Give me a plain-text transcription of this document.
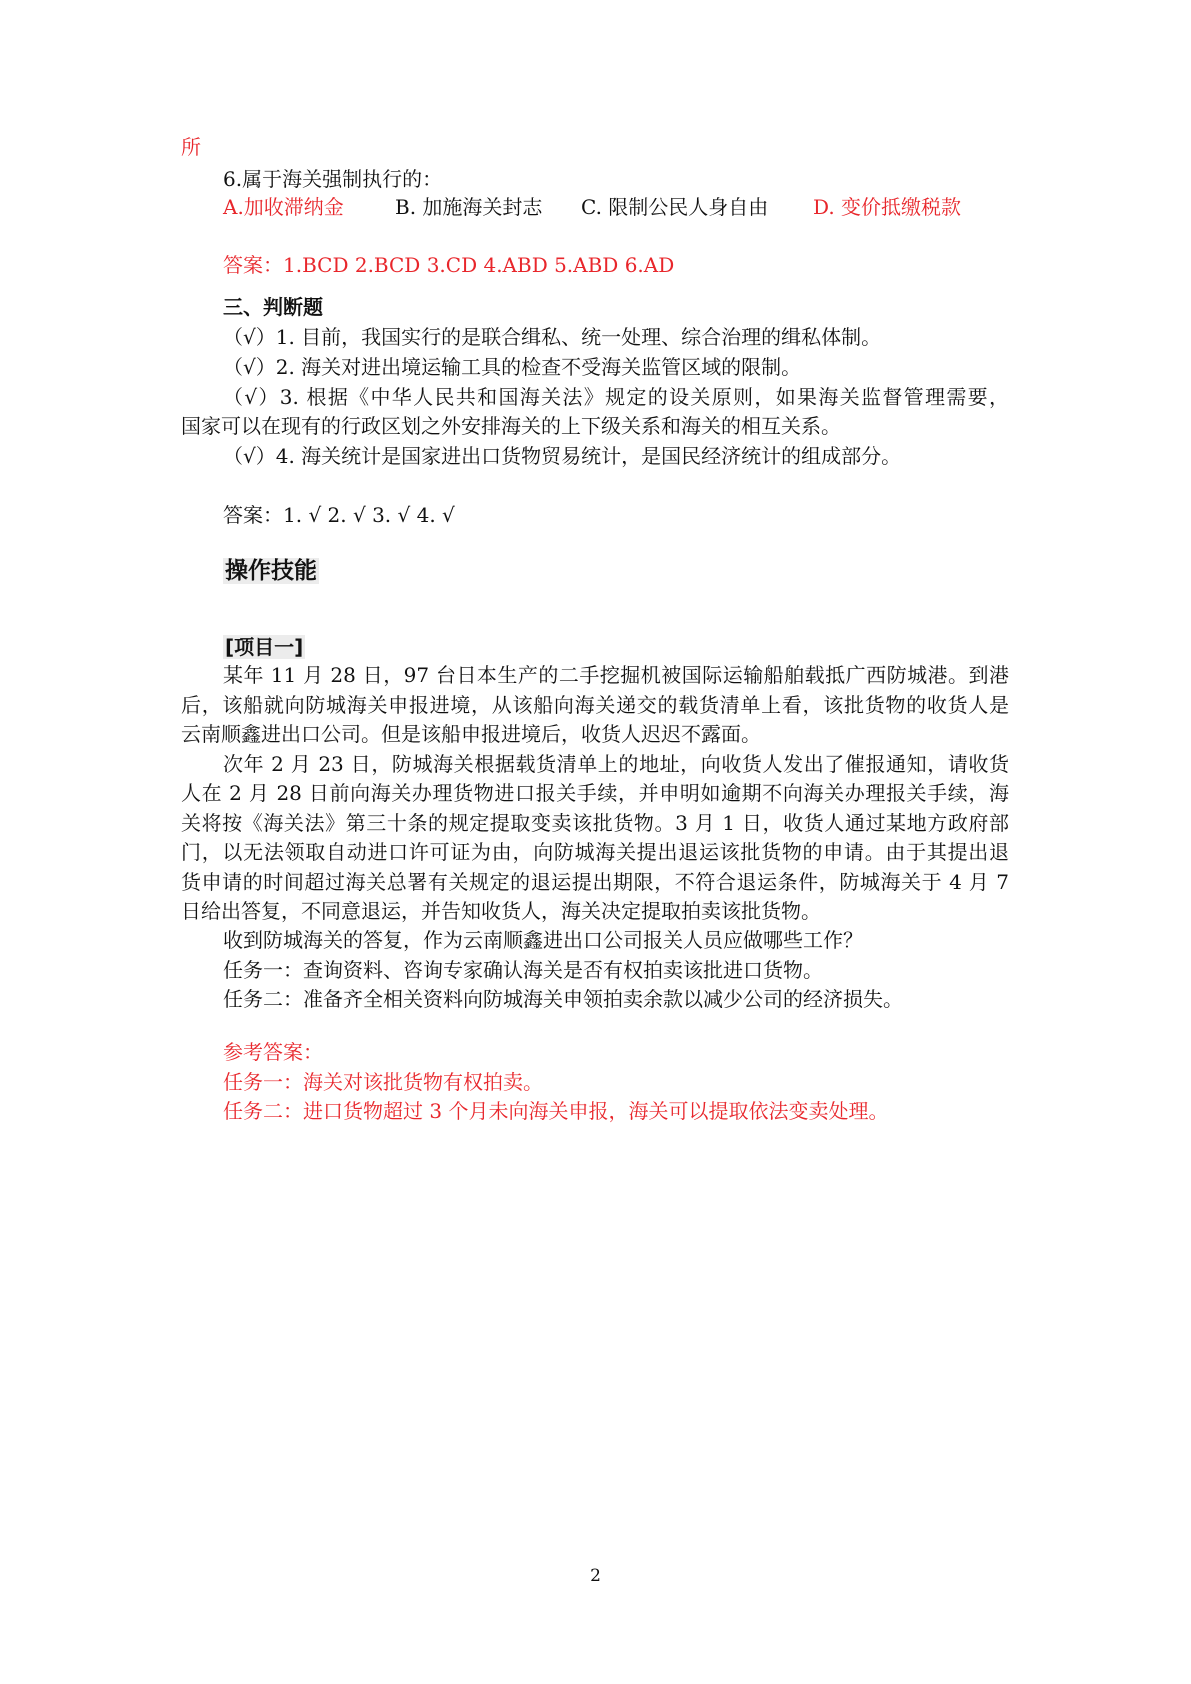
所
6.属于海关强制执行的：
A.加收滞纳金	B. 加施海关封志 C. 限制公民人身自由 D. 变价抵缴税款
答案：1.BCD 2.BCD 3.CD 4.ABD 5.ABD 6.AD
三、判断题
（√）1. 目前，我国实行的是联合缉私、统一处理、综合治理的缉私体制。
（√）2. 海关对进出境运输工具的检查不受海关监管区域的限制。
（√）3. 根据《中华人民共和国海关法》规定的设关原则，如果海关监督管理需要，
国家可以在现有的行政区划之外安排海关的上下级关系和海关的相互关系。
（√）4. 海关统计是国家进出口货物贸易统计，是国民经济统计的组成部分。
答案：1. √ 2. √ 3. √ 4. √
操作技能
[项目一]
某年 11 月 28 日，97 台日本生产的二手挖掘机被国际运输船舶载抵广西防城港。到港
后，该船就向防城海关申报进境，从该船向海关递交的载货清单上看，该批货物的收货人是
云南顺鑫进出口公司。但是该船申报进境后，收货人迟迟不露面。
次年 2 月 23 日，防城海关根据载货清单上的地址，向收货人发出了催报通知，请收货
人在 2 月 28 日前向海关办理货物进口报关手续，并申明如逾期不向海关办理报关手续，海
关将按《海关法》第三十条的规定提取变卖该批货物。3 月 1 日，收货人通过某地方政府部
门，以无法领取自动进口许可证为由，向防城海关提出退运该批货物的申请。由于其提出退
货申请的时间超过海关总署有关规定的退运提出期限，不符合退运条件，防城海关于 4 月 7
日给出答复，不同意退运，并告知收货人，海关决定提取拍卖该批货物。
收到防城海关的答复，作为云南顺鑫进出口公司报关人员应做哪些工作？
任务一：查询资料、咨询专家确认海关是否有权拍卖该批进口货物。
任务二：准备齐全相关资料向防城海关申领拍卖余款以减少公司的经济损失。
参考答案：
任务一：海关对该批货物有权拍卖。
任务二：进口货物超过 3 个月未向海关申报，海关可以提取依法变卖处理。
2
